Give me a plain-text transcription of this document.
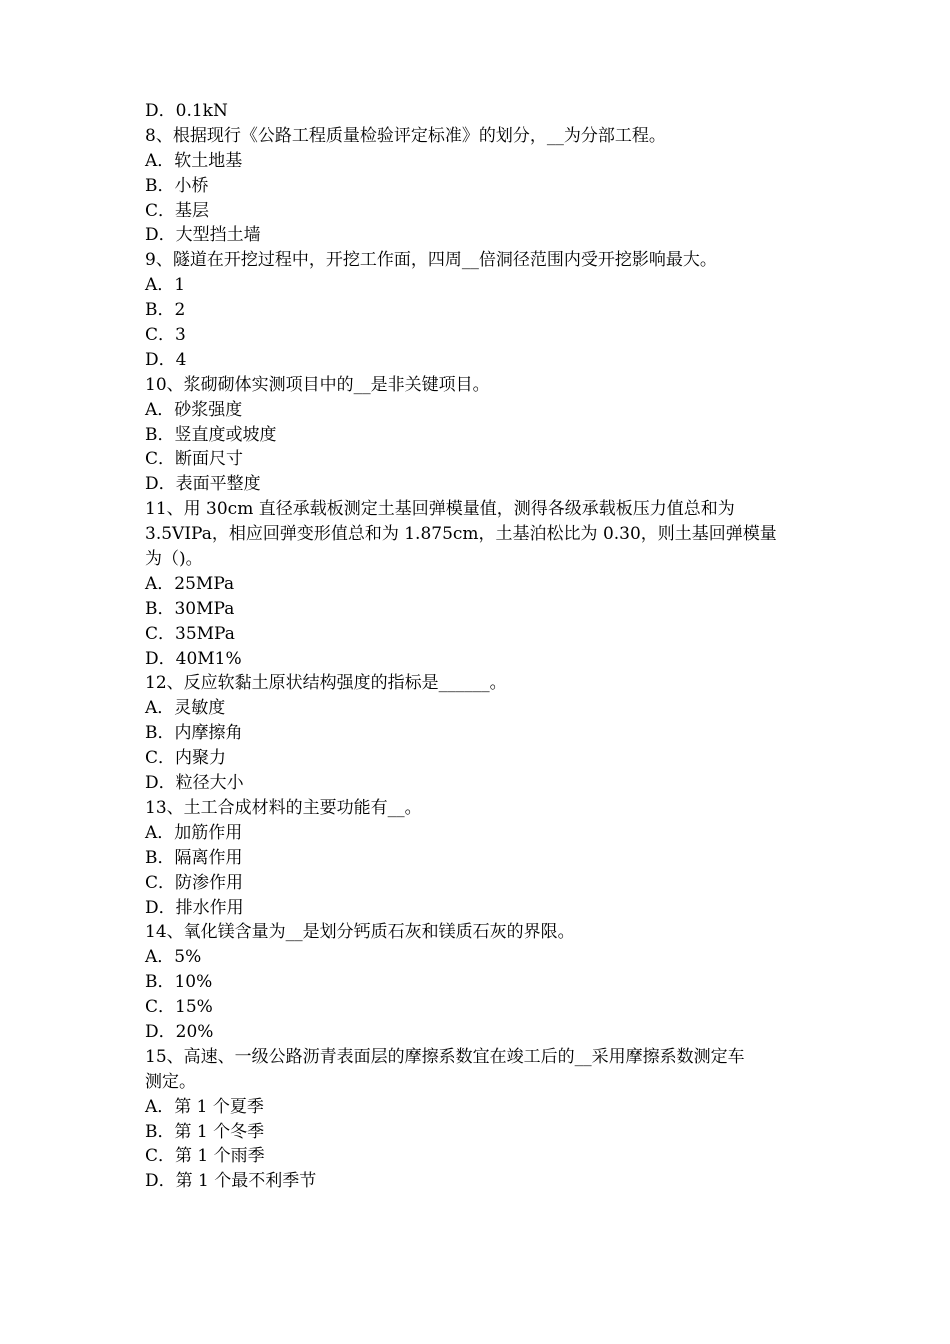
D．0.1kN
8、根据现行《公路工程质量检验评定标准》的划分，__为分部工程。
A．软土地基
B．小桥
C．基层
D．大型挡土墙
9、隧道在开挖过程中，开挖工作面，四周__倍洞径范围内受开挖影响最大。
A．1
B．2
C．3
D．4
10、浆砌砌体实测项目中的__是非关键项目。
A．砂浆强度
B．竖直度或坡度
C．断面尺寸
D．表面平整度
11、用 30cm 直径承载板测定土基回弹模量值，测得各级承载板压力值总和为
3.5VIPa，相应回弹变形值总和为 1.875cm，土基泊松比为 0.30，则土基回弹模量
为（)。
A．25MPa
B．30MPa
C．35MPa
D．40M1%
12、反应软黏土原状结构强度的指标是______。
A．灵敏度
B．内摩擦角
C．内聚力
D．粒径大小
13、土工合成材料的主要功能有__。
A．加筋作用
B．隔离作用
C．防渗作用
D．排水作用
14、氧化镁含量为__是划分钙质石灰和镁质石灰的界限。
A．5%
B．10%
C．15%
D．20%
15、高速、一级公路沥青表面层的摩擦系数宜在竣工后的__采用摩擦系数测定车
测定。
A．第 1 个夏季
B．第 1 个冬季
C．第 1 个雨季
D．第 1 个最不利季节
